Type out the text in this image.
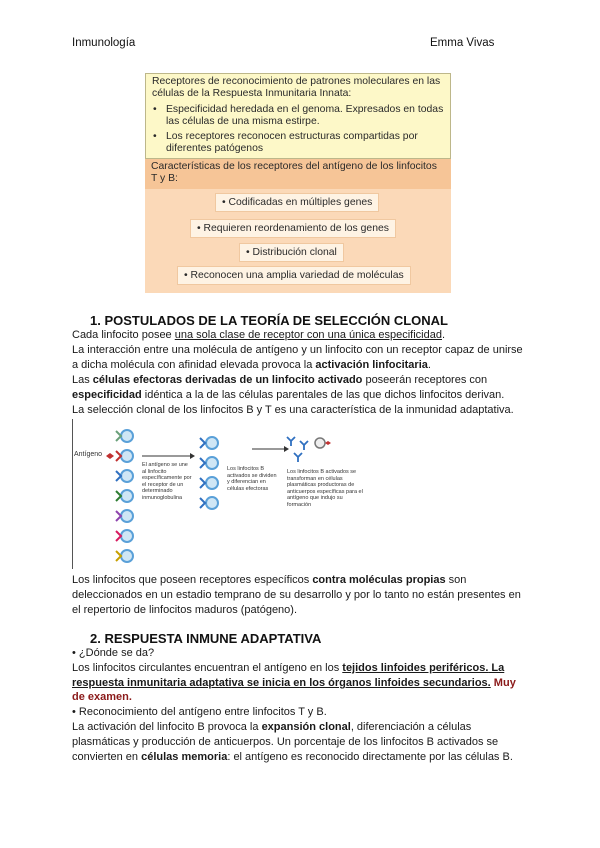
Inmunología	Emma Vivas
Receptores de reconocimiento de patrones moleculares en las células de la Respuesta Inmunitaria Innata:
• Especificidad heredada en el genoma. Expresados en todas las células de una misma estirpe.
• Los receptores reconocen estructuras compartidas por diferentes patógenos
Características de los receptores del antígeno de los linfocitos T y B:
• Codificadas en múltiples genes
• Requieren reordenamiento de los genes
• Distribución clonal
• Reconocen una amplia variedad de moléculas
1. POSTULADOS DE LA TEORÍA DE SELECCIÓN CLONAL
Cada linfocito posee una sola clase de receptor con una única especificidad.
La interacción entre una molécula de antígeno y un linfocito con un receptor capaz de unirse
a dicha molécula con afinidad elevada provoca la activación linfocitaria.
Las células efectoras derivadas de un linfocito activado poseerán receptores con
especificidad idéntica a la de las células parentales de las que dichos linfocitos derivan.
La selección clonal de los linfocitos B y T es una característica de la inmunidad adaptativa.
Antígeno
El antígeno se une al linfocito específicamente por el receptor de un determinado inmunoglobulina
Los linfocitos B activados se dividen y diferencian en células efectoras
Los linfocitos B activados se transforman en células plasmáticas productoras de anticuerpos específicas para el antígeno que indujo su formación
Los linfocitos que poseen receptores específicos contra moléculas propias son
deleccionados en un estadio temprano de su desarrollo y por lo tanto no están presentes en
el repertorio de linfocitos maduros (patógeno).
2. RESPUESTA INMUNE ADAPTATIVA
• ¿Dónde se da?
Los linfocitos circulantes encuentran el antígeno en los tejidos linfoides periféricos. La
respuesta inmunitaria adaptativa se inicia en los órganos linfoides secundarios. Muy
de examen.
• Reconocimiento del antígeno entre linfocitos T y B.
La activación del linfocito B provoca la expansión clonal, diferenciación a células
plasmáticas y producción de anticuerpos. Un porcentaje de los linfocitos B activados se
convierten en células memoria: el antígeno es reconocido directamente por las células B.
